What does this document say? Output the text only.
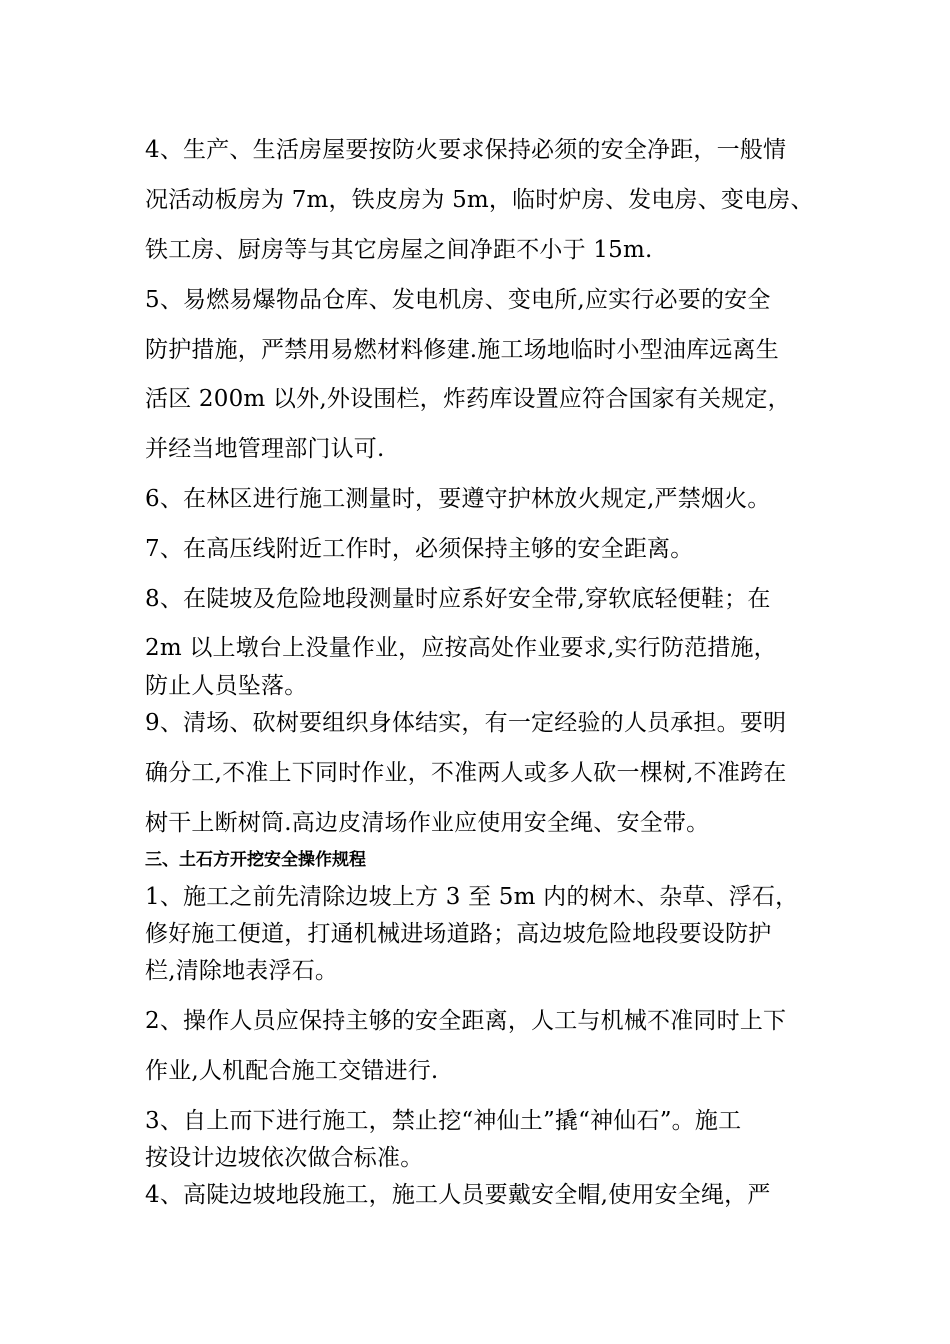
4、生产、生活房屋要按防火要求保持必须的安全净距，一般情
况活动板房为 7m，铁皮房为 5m，临时炉房、发电房、变电房、
铁工房、厨房等与其它房屋之间净距不小于 15m.
5、易燃易爆物品仓库、发电机房、变电所,应实行必要的安全
防护措施，严禁用易燃材料修建.施工场地临时小型油库远离生
活区 200m 以外,外设围栏，炸药库设置应符合国家有关规定，
并经当地管理部门认可.
6、在林区进行施工测量时，要遵守护林放火规定,严禁烟火。
7、在高压线附近工作时，必须保持主够的安全距离。
8、在陡坡及危险地段测量时应系好安全带,穿软底轻便鞋；在
2m 以上墩台上没量作业，应按高处作业要求,实行防范措施，
防止人员坠落。
9、清场、砍树要组织身体结实，有一定经验的人员承担。要明
确分工,不准上下同时作业，不准两人或多人砍一棵树,不准跨在
树干上断树筒.高边皮清场作业应使用安全绳、安全带。
三、土石方开挖安全操作规程
1、施工之前先清除边坡上方 3 至 5m 内的树木、杂草、浮石，
修好施工便道，打通机械进场道路；高边坡危险地段要设防护
栏,清除地表浮石。
2、操作人员应保持主够的安全距离，人工与机械不准同时上下
作业,人机配合施工交错进行.
3、自上而下进行施工，禁止挖“神仙土”撬“神仙石”。施工
按设计边坡依次做合标准。
4、高陡边坡地段施工，施工人员要戴安全帽,使用安全绳，严
